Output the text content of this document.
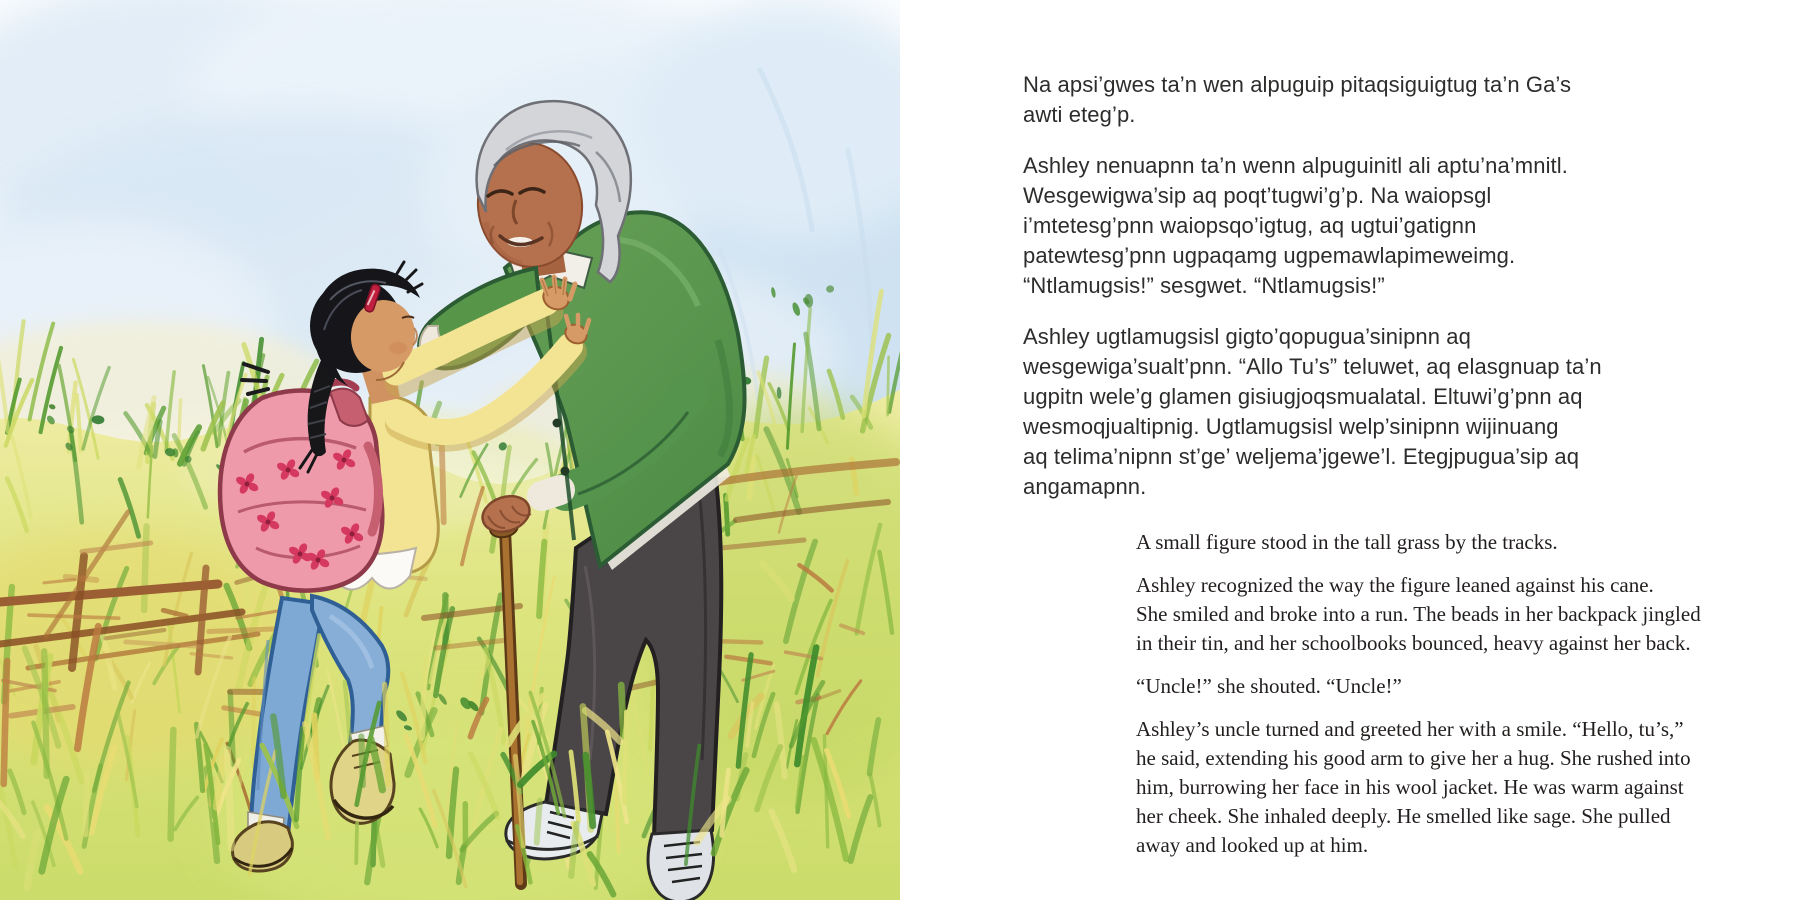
Na apsi’gwes ta’n wen alpuguip pitaqsiguigtug ta’n Ga’s
awti eteg’p.

Ashley nenuapnn ta’n wenn alpuguinitl ali aptu’na’mnitl.
Wesgewigwa’sip aq poqt’tugwi’g’p. Na waiopsgl
i’mtetesg’pnn waiopsqo’igtug, aq ugtui’gatignn
patewtesg’pnn ugpaqamg ugpemawlapimeweimg.
“Ntlamugsis!” sesgwet. “Ntlamugsis!”

Ashley ugtlamugsisl gigto’qopugua’sinipnn aq
wesgewiga’sualt’pnn. “Allo Tu’s” teluwet, aq elasgnuap ta’n
ugpitn wele’g glamen gisiugjoqsmualatal. Eltuwi’g’pnn aq
wesmoqjualtipnig. Ugtlamugsisl welp’sinipnn wijinuang
aq telima’nipnn st’ge’ weljema’jgewe’l. Etegjpugua’sip aq
angamapnn.

A small figure stood in the tall grass by the tracks.

Ashley recognized the way the figure leaned against his cane.
She smiled and broke into a run. The beads in her backpack jingled
in their tin, and her schoolbooks bounced, heavy against her back.

“Uncle!” she shouted. “Uncle!”

Ashley’s uncle turned and greeted her with a smile. “Hello, tu’s,”
he said, extending his good arm to give her a hug. She rushed into
him, burrowing her face in his wool jacket. He was warm against
her cheek. She inhaled deeply. He smelled like sage. She pulled
away and looked up at him.
